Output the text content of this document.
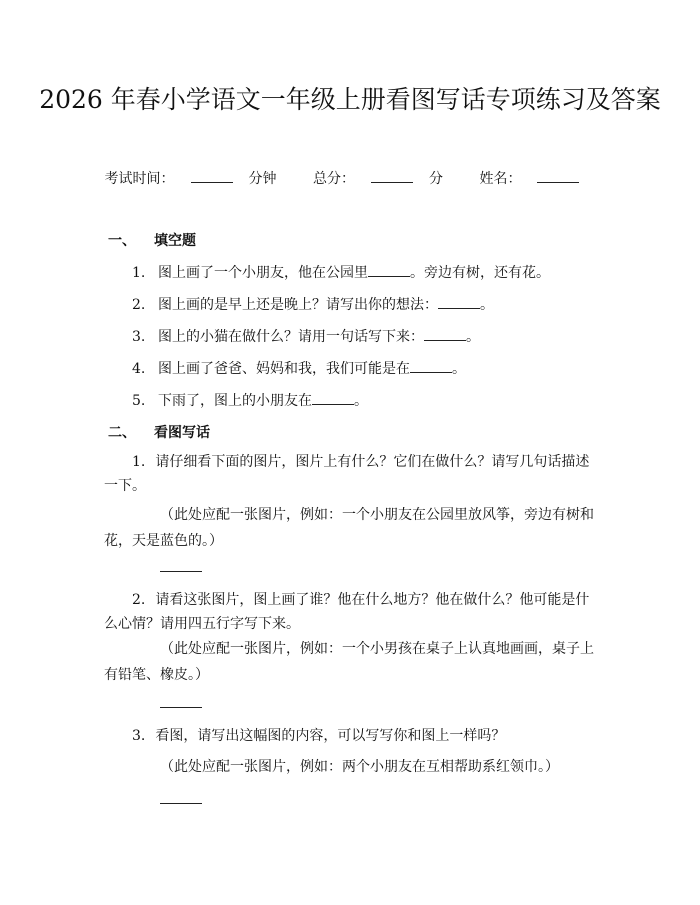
2026 年春小学语文一年级上册看图写话专项练习及答案
考试时间：	分钟	总分：	分	姓名：
一、 填空题
1. 图上画了一个小朋友，他在公园里	。旁边有树，还有花。
2. 图上画的是早上还是晚上？请写出你的想法：	。
3. 图上的小猫在做什么？请用一句话写下来：	。
4. 图上画了爸爸、妈妈和我，我们可能是在	。
5. 下雨了，图上的小朋友在	。
二、 看图写话
1. 请仔细看下面的图片，图片上有什么？它们在做什么？请写几句话描述一下。
（此处应配一张图片，例如：一个小朋友在公园里放风筝，旁边有树和花，天是蓝色的。）
2. 请看这张图片，图上画了谁？他在什么地方？他在做什么？他可能是什么心情？请用四五行字写下来。
（此处应配一张图片，例如：一个小男孩在桌子上认真地画画，桌子上有铅笔、橡皮。）
3. 看图，请写出这幅图的内容，可以写写你和图上一样吗？
（此处应配一张图片，例如：两个小朋友在互相帮助系红领巾。）
